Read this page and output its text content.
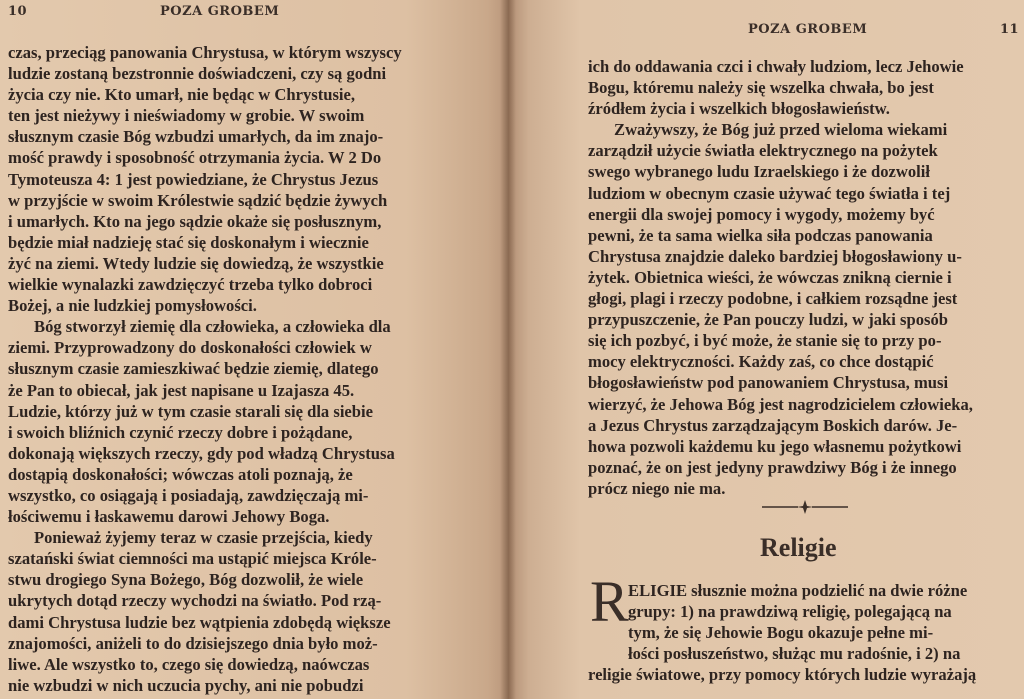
10	POZA GROBEM
czas, przeciąg panowania Chrystusa, w którym wszyscy
ludzie zostaną bezstronnie doświadczeni, czy są godni
życia czy nie. Kto umarł, nie będąc w Chrystusie,
ten jest nieżywy i nieświadomy w grobie. W swoim
słusznym czasie Bóg wzbudzi umarłych, da im znajo-
mość prawdy i sposobność otrzymania życia. W 2 Do
Tymoteusza 4: 1 jest powiedziane, że Chrystus Jezus
w przyjście w swoim Królestwie sądzić będzie żywych
i umarłych. Kto na jego sądzie okaże się posłusznym,
będzie miał nadzieję stać się doskonałym i wiecznie
żyć na ziemi. Wtedy ludzie się dowiedzą, że wszystkie
wielkie wynalazki zawdzięczyć trzeba tylko dobroci
Bożej, a nie ludzkiej pomysłowości.
Bóg stworzył ziemię dla człowieka, a człowieka dla
ziemi. Przyprowadzony do doskonałości człowiek w
słusznym czasie zamieszkiwać będzie ziemię, dlatego
że Pan to obiecał, jak jest napisane u Izajasza 45.
Ludzie, którzy już w tym czasie starali się dla siebie
i swoich bliźnich czynić rzeczy dobre i pożądane,
dokonają większych rzeczy, gdy pod władzą Chrystusa
dostąpią doskonałości; wówczas atoli poznają, że
wszystko, co osiągają i posiadają, zawdzięczają mi-
łościwemu i łaskawemu darowi Jehowy Boga.
Ponieważ żyjemy teraz w czasie przejścia, kiedy
szatański świat ciemności ma ustąpić miejsca Króle-
stwu drogiego Syna Bożego, Bóg dozwolił, że wiele
ukrytych dotąd rzeczy wychodzi na światło. Pod rzą-
dami Chrystusa ludzie bez wątpienia zdobędą większe
znajomości, aniżeli to do dzisiejszego dnia było moż-
liwe. Ale wszystko to, czego się dowiedzą, naówczas
nie wzbudzi w nich uczucia pychy, ani nie pobudzi
POZA GROBEM	11
ich do oddawania czci i chwały ludziom, lecz Jehowie
Bogu, któremu należy się wszelka chwała, bo jest
źródłem życia i wszelkich błogosławieństw.
Zważywszy, że Bóg już przed wieloma wiekami
zarządził użycie światła elektrycznego na pożytek
swego wybranego ludu Izraelskiego i że dozwolił
ludziom w obecnym czasie używać tego światła i tej
energii dla swojej pomocy i wygody, możemy być
pewni, że ta sama wielka siła podczas panowania
Chrystusa znajdzie daleko bardziej błogosławiony u-
żytek. Obietnica wieści, że wówczas znikną ciernie i
głogi, plagi i rzeczy podobne, i całkiem rozsądne jest
przypuszczenie, że Pan pouczy ludzi, w jaki sposób
się ich pozbyć, i być może, że stanie się to przy po-
mocy elektryczności. Każdy zaś, co chce dostąpić
błogosławieństw pod panowaniem Chrystusa, musi
wierzyć, że Jehowa Bóg jest nagrodzicielem człowieka,
a Jezus Chrystus zarządzającym Boskich darów. Je-
howa pozwoli każdemu ku jego własnemu pożytkowi
poznać, że on jest jedyny prawdziwy Bóg i że innego
prócz niego nie ma.
Religie
R ELIGIE słusznie można podzielić na dwie różne
grupy: 1) na prawdziwą religię, polegającą na
tym, że się Jehowie Bogu okazuje pełne mi-
łości posłuszeństwo, służąc mu radośnie, i 2) na
religie światowe, przy pomocy których ludzie wyrażają
